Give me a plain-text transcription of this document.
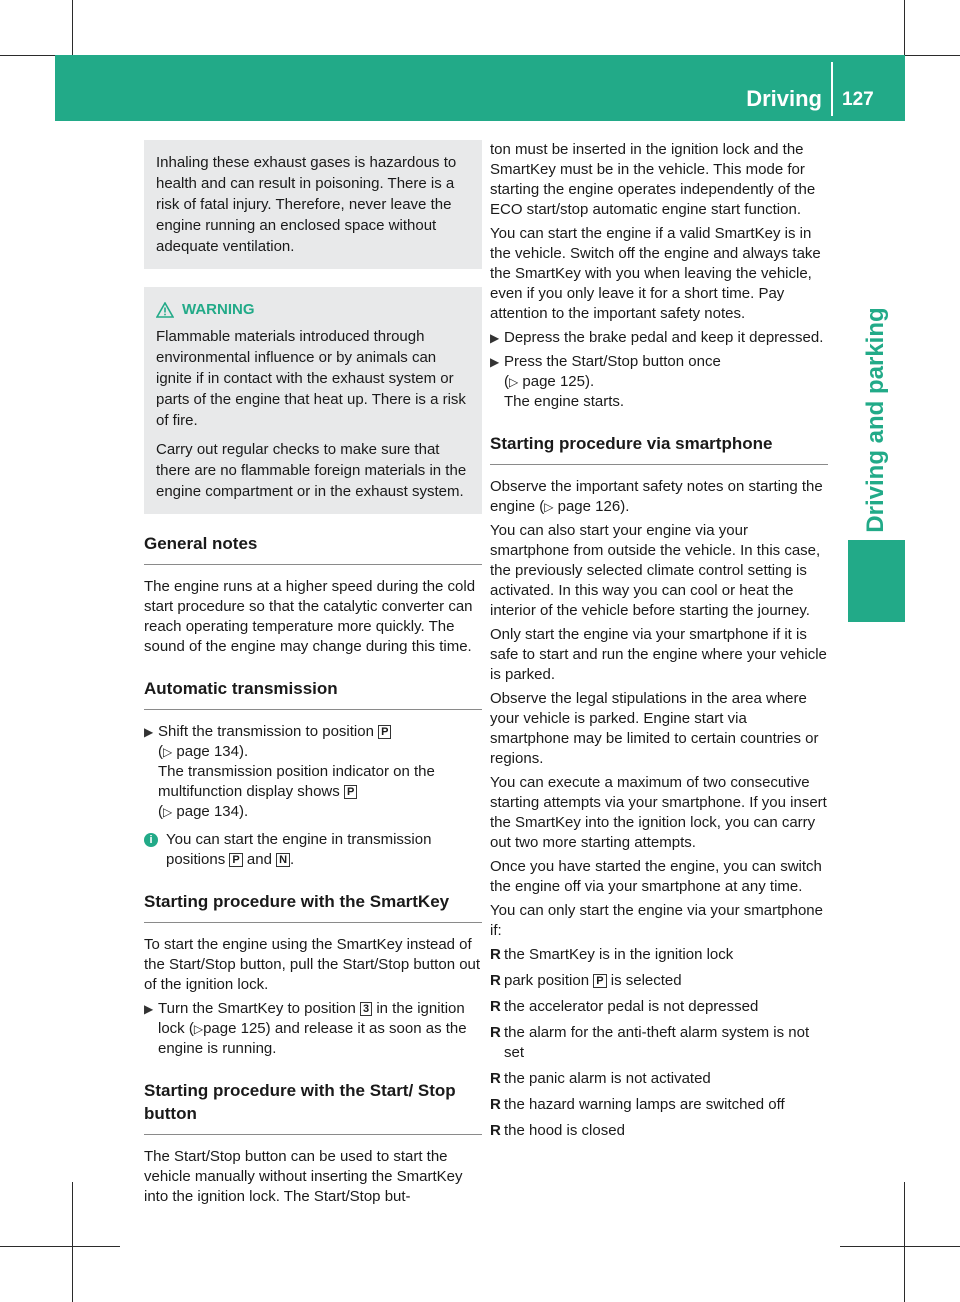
Driving 127
Driving and parking

Inhaling these exhaust gases is hazardous to health and can result in poisoning. There is a risk of fatal injury. Therefore, never leave the engine running an enclosed space without adequate ventilation.

WARNING

Flammable materials introduced through environmental influence or by animals can ignite if in contact with the exhaust system or parts of the engine that heat up. There is a risk of fire.

Carry out regular checks to make sure that there are no flammable foreign materials in the engine compartment or in the exhaust system.

General notes

The engine runs at a higher speed during the cold start procedure so that the catalytic converter can reach operating temperature more quickly. The sound of the engine may change during this time.

Automatic transmission
▶ Shift the transmission to position P
(▷ page 134).
The transmission position indicator on the multifunction display shows P
(▷ page 134).
i You can start the engine in transmission positions P and N .
Starting procedure with the SmartKey

To start the engine using the SmartKey instead of the Start/Stop button, pull the Start/Stop button out of the ignition lock.

▶ Turn the SmartKey to position 3 in the ignition lock (▷page 125) and release it as soon as the engine is running.
Starting procedure with the Start/ Stop button

The Start/Stop button can be used to start the vehicle manually without inserting the SmartKey into the ignition lock. The Start/Stop but-

ton must be inserted in the ignition lock and the SmartKey must be in the vehicle. This mode for starting the engine operates independently of the ECO start/stop automatic engine start function.

You can start the engine if a valid SmartKey is in the vehicle. Switch off the engine and always take the SmartKey with you when leaving the vehicle, even if you only leave it for a short time. Pay attention to the important safety notes.

▶ Depress the brake pedal and keep it depressed.
▶ Press the Start/Stop button once
(▷ page 125).
The engine starts.
Starting procedure via smartphone

Observe the important safety notes on starting the engine (▷ page 126).

You can also start your engine via your smartphone from outside the vehicle. In this case, the previously selected climate control setting is activated. In this way you can cool or heat the interior of the vehicle before starting the journey.

Only start the engine via your smartphone if it is safe to start and run the engine where your vehicle is parked.

Observe the legal stipulations in the area where your vehicle is parked. Engine start via smartphone may be limited to certain countries or regions.

You can execute a maximum of two consecutive starting attempts via your smartphone. If you insert the SmartKey into the ignition lock, you can carry out two more starting attempts.

Once you have started the engine, you can switch the engine off via your smartphone at any time.

You can only start the engine via your smartphone if:

R the SmartKey is in the ignition lock
R park position P is selected
R the accelerator pedal is not depressed
R the alarm for the anti-theft alarm system is not set
R the panic alarm is not activated
R the hazard warning lamps are switched off
R the hood is closed
